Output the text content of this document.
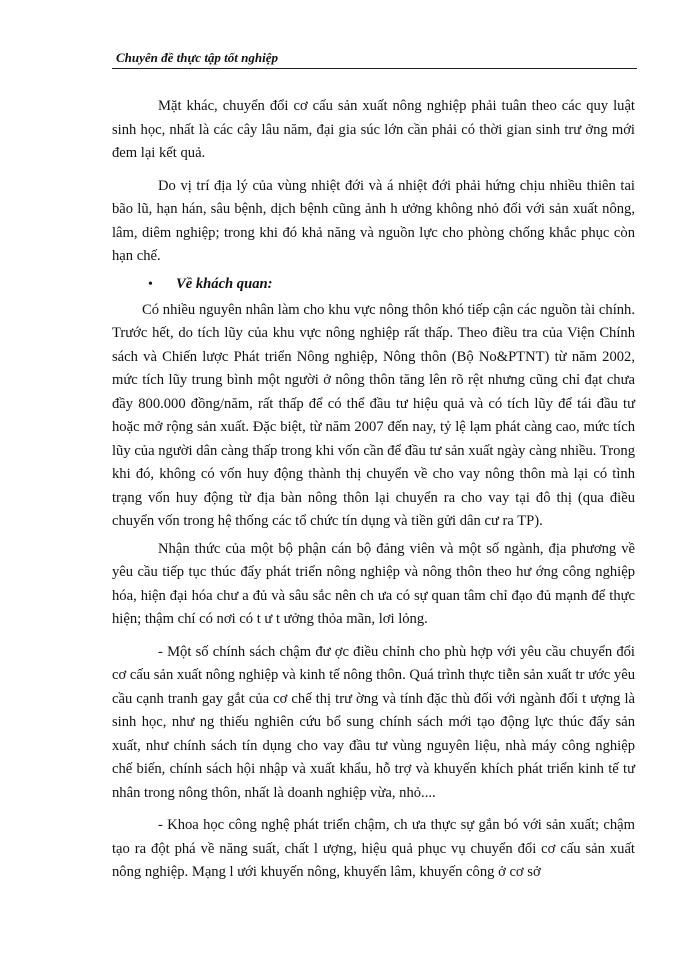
Chuyên đề thực tập tốt nghiệp

Mặt khác, chuyển đổi cơ cấu sản xuất nông nghiệp phải tuân theo các quy luật sinh học, nhất là các cây lâu năm, đại gia súc lớn cần phải có thời gian sinh trư ởng mới đem lại kết quả.

Do vị trí địa lý của vùng nhiệt đới và á nhiệt đới phải hứng chịu nhiều thiên tai bão lũ, hạn hán, sâu bệnh, dịch bệnh cũng ảnh h ưởng không nhỏ đối với sản xuất nông, lâm, diêm nghiệp; trong khi đó khả năng và nguồn lực cho phòng chống khắc phục còn hạn chế.

• Về khách quan:

Có nhiều nguyên nhân làm cho khu vực nông thôn khó tiếp cận các nguồn tài chính. Trước hết, do tích lũy của khu vực nông nghiệp rất thấp. Theo điều tra của Viện Chính sách và Chiến lược Phát triển Nông nghiệp, Nông thôn (Bộ No&PTNT) từ năm 2002, mức tích lũy trung bình một người ở nông thôn tăng lên rõ rệt nhưng cũng chỉ đạt chưa đầy 800.000 đồng/năm, rất thấp để có thể đầu tư hiệu quả và có tích lũy để tái đầu tư hoặc mở rộng sản xuất. Đặc biệt, từ năm 2007 đến nay, tỷ lệ lạm phát càng cao, mức tích lũy của người dân càng thấp trong khi vốn cần để đầu tư sản xuất ngày càng nhiều. Trong khi đó, không có vốn huy động thành thị chuyển về cho vay nông thôn mà lại có tình trạng vốn huy động từ địa bàn nông thôn lại chuyển ra cho vay tại đô thị (qua điều chuyển vốn trong hệ thống các tổ chức tín dụng và tiền gửi dân cư ra TP).

Nhận thức của một bộ phận cán bộ đảng viên và một số ngành, địa phương về yêu cầu tiếp tục thúc đẩy phát triển nông nghiệp và nông thôn theo hư ớng công nghiệp hóa, hiện đại hóa chư a đủ và sâu sắc nên ch ưa có sự quan tâm chỉ đạo đủ mạnh để thực hiện; thậm chí có nơi có t ư t ưởng thỏa mãn, lơi lỏng.

- Một số chính sách chậm đư ợc điều chỉnh cho phù hợp với yêu cầu chuyển đổi cơ cấu sản xuất nông nghiệp và kinh tế nông thôn. Quá trình thực tiễn sản xuất tr ước yêu cầu cạnh tranh gay gắt của cơ chế thị trư ờng và tính đặc thù đối với ngành đối t ượng là sinh học, như ng thiếu nghiên cứu bổ sung chính sách mới tạo động lực thúc đẩy sản xuất, như chính sách tín dụng cho vay đầu tư vùng nguyên liệu, nhà máy công nghiệp chế biến, chính sách hội nhập và xuất khẩu, hỗ trợ và khuyến khích phát triển kinh tế tư nhân trong nông thôn, nhất là doanh nghiệp vừa, nhỏ....

- Khoa học công nghệ phát triển chậm, ch ưa thực sự gắn bó với sản xuất; chậm tạo ra đột phá về năng suất, chất l ượng, hiệu quả phục vụ chuyển đổi cơ cấu sản xuất nông nghiệp. Mạng l ưới khuyến nông, khuyến lâm, khuyến công ở cơ sở
